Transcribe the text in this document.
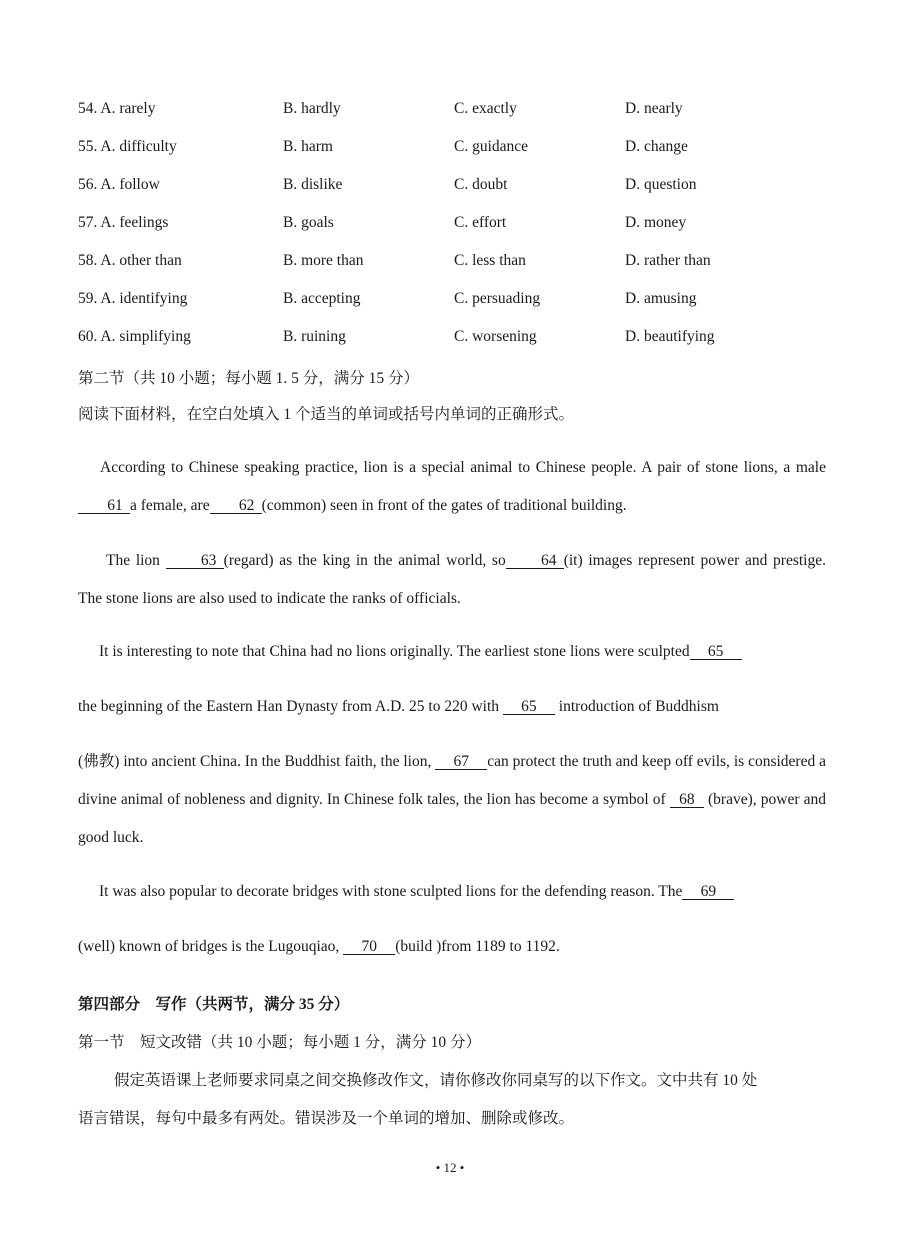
54. A. rarely	B. hardly	C. exactly	D. nearly
55. A. difficulty	B. harm	C. guidance	D. change
56. A. follow	B. dislike	C. doubt	D. question
57. A. feelings	B. goals	C. effort	D. money
58. A. other than	B. more than	C. less than	D. rather than
59. A. identifying	B. accepting	C. persuading	D. amusing
60. A. simplifying	B. ruining	C. worsening	D. beautifying
第二节（共 10 小题；每小题 1. 5 分，满分 15 分）
阅读下面材料，在空白处填入 1 个适当的单词或括号内单词的正确形式。
According to Chinese speaking practice, lion is a special animal to Chinese people. A pair of stone lions, a male61 a female, are 62 (common) seen in front of the gates of traditional building.
The lion 63 (regard) as the king in the animal world, so 64 (it) images represent power and prestige. The stone lions are also used to indicate the ranks of officials.
It is interesting to note that China had no lions originally. The earliest stone lions were sculpted 65
the beginning of the Eastern Han Dynasty from A.D. 25 to 220 with 65 introduction of Buddhism
(佛教) into ancient China. In the Buddhist faith, the lion, 67 can protect the truth and keep off evils, is considered a divine animal of nobleness and dignity. In Chinese folk tales, the lion has become a symbol of 68 (brave), power and good luck.
It was also popular to decorate bridges with stone sculpted lions for the defending reason. The 69
(well) known of bridges is the Lugouqiao, 70 (build )from 1189 to 1192.
第四部分　写作（共两节，满分 35 分）
第一节　短文改错（共 10 小题；每小题 1 分，满分 10 分）
假定英语课上老师要求同桌之间交换修改作文，请你修改你同桌写的以下作文。文中共有 10 处
语言错误，每句中最多有两处。错误涉及一个单词的增加、删除或修改。
• 12 •
